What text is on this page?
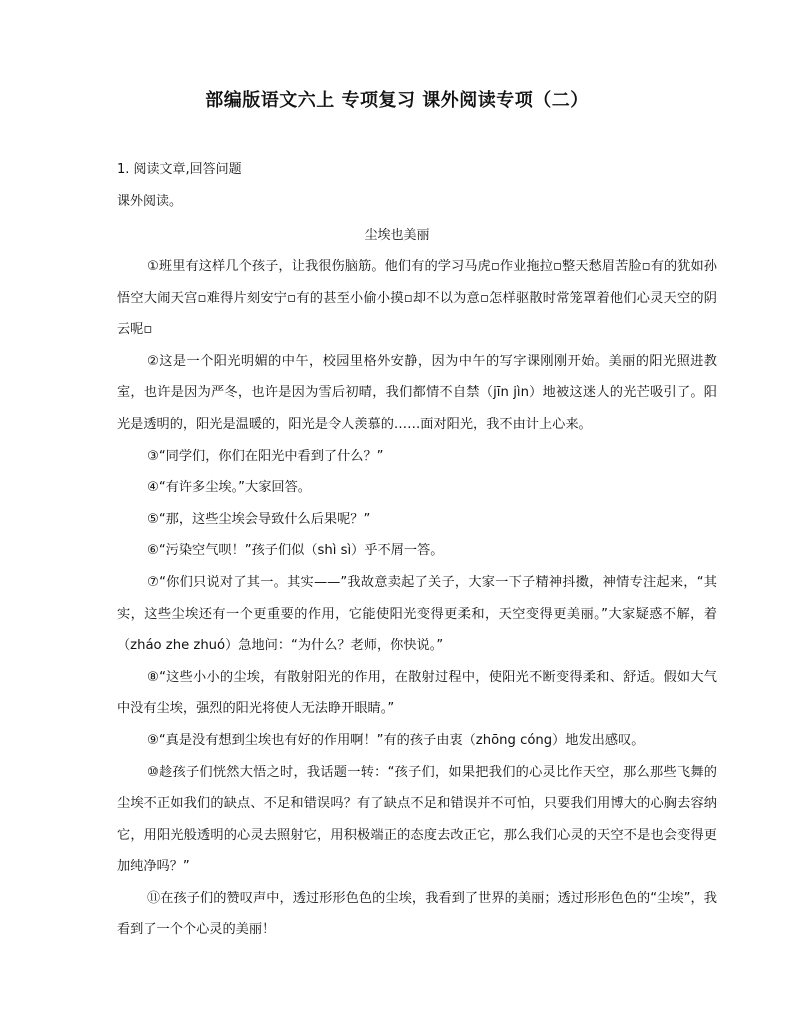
部编版语文六上 专项复习 课外阅读专项（二）
1. 阅读文章,回答问题
课外阅读。
尘埃也美丽

①班里有这样几个孩子，让我很伤脑筋。他们有的学习马虎▫作业拖拉▫整天愁眉苦脸▫有的犹如孙悟空大闹天宫▫难得片刻安宁▫有的甚至小偷小摸▫却不以为意▫怎样驱散时常笼罩着他们心灵天空的阴云呢▫

②这是一个阳光明媚的中午，校园里格外安静，因为中午的写字课刚刚开始。美丽的阳光照进教室，也许是因为严冬，也许是因为雪后初晴，我们都情不自禁（jīn jìn）地被这迷人的光芒吸引了。阳光是透明的，阳光是温暖的，阳光是令人羡慕的……面对阳光，我不由计上心来。

③“同学们，你们在阳光中看到了什么？”

④“有许多尘埃。”大家回答。

⑤“那，这些尘埃会导致什么后果呢？”

⑥“污染空气呗！”孩子们似（shì sì）乎不屑一答。

⑦“你们只说对了其一。其实——”我故意卖起了关子，大家一下子精神抖擞，神情专注起来，“其实，这些尘埃还有一个更重要的作用，它能使阳光变得更柔和，天空变得更美丽。”大家疑惑不解，着（zháo zhe zhuó）急地问：“为什么？老师，你快说。”

⑧“这些小小的尘埃，有散射阳光的作用，在散射过程中，使阳光不断变得柔和、舒适。假如大气中没有尘埃，强烈的阳光将使人无法睁开眼睛。”

⑨“真是没有想到尘埃也有好的作用啊！”有的孩子由衷（zhōng cóng）地发出感叹。

⑩趁孩子们恍然大悟之时，我话题一转：“孩子们，如果把我们的心灵比作天空，那么那些飞舞的尘埃不正如我们的缺点、不足和错误吗？有了缺点不足和错误并不可怕，只要我们用博大的心胸去容纳它，用阳光般透明的心灵去照射它，用积极端正的态度去改正它，那么我们心灵的天空不是也会变得更加纯净吗？”

⑪在孩子们的赞叹声中，透过形形色色的尘埃，我看到了世界的美丽；透过形形色色的“尘埃”，我看到了一个个心灵的美丽！
